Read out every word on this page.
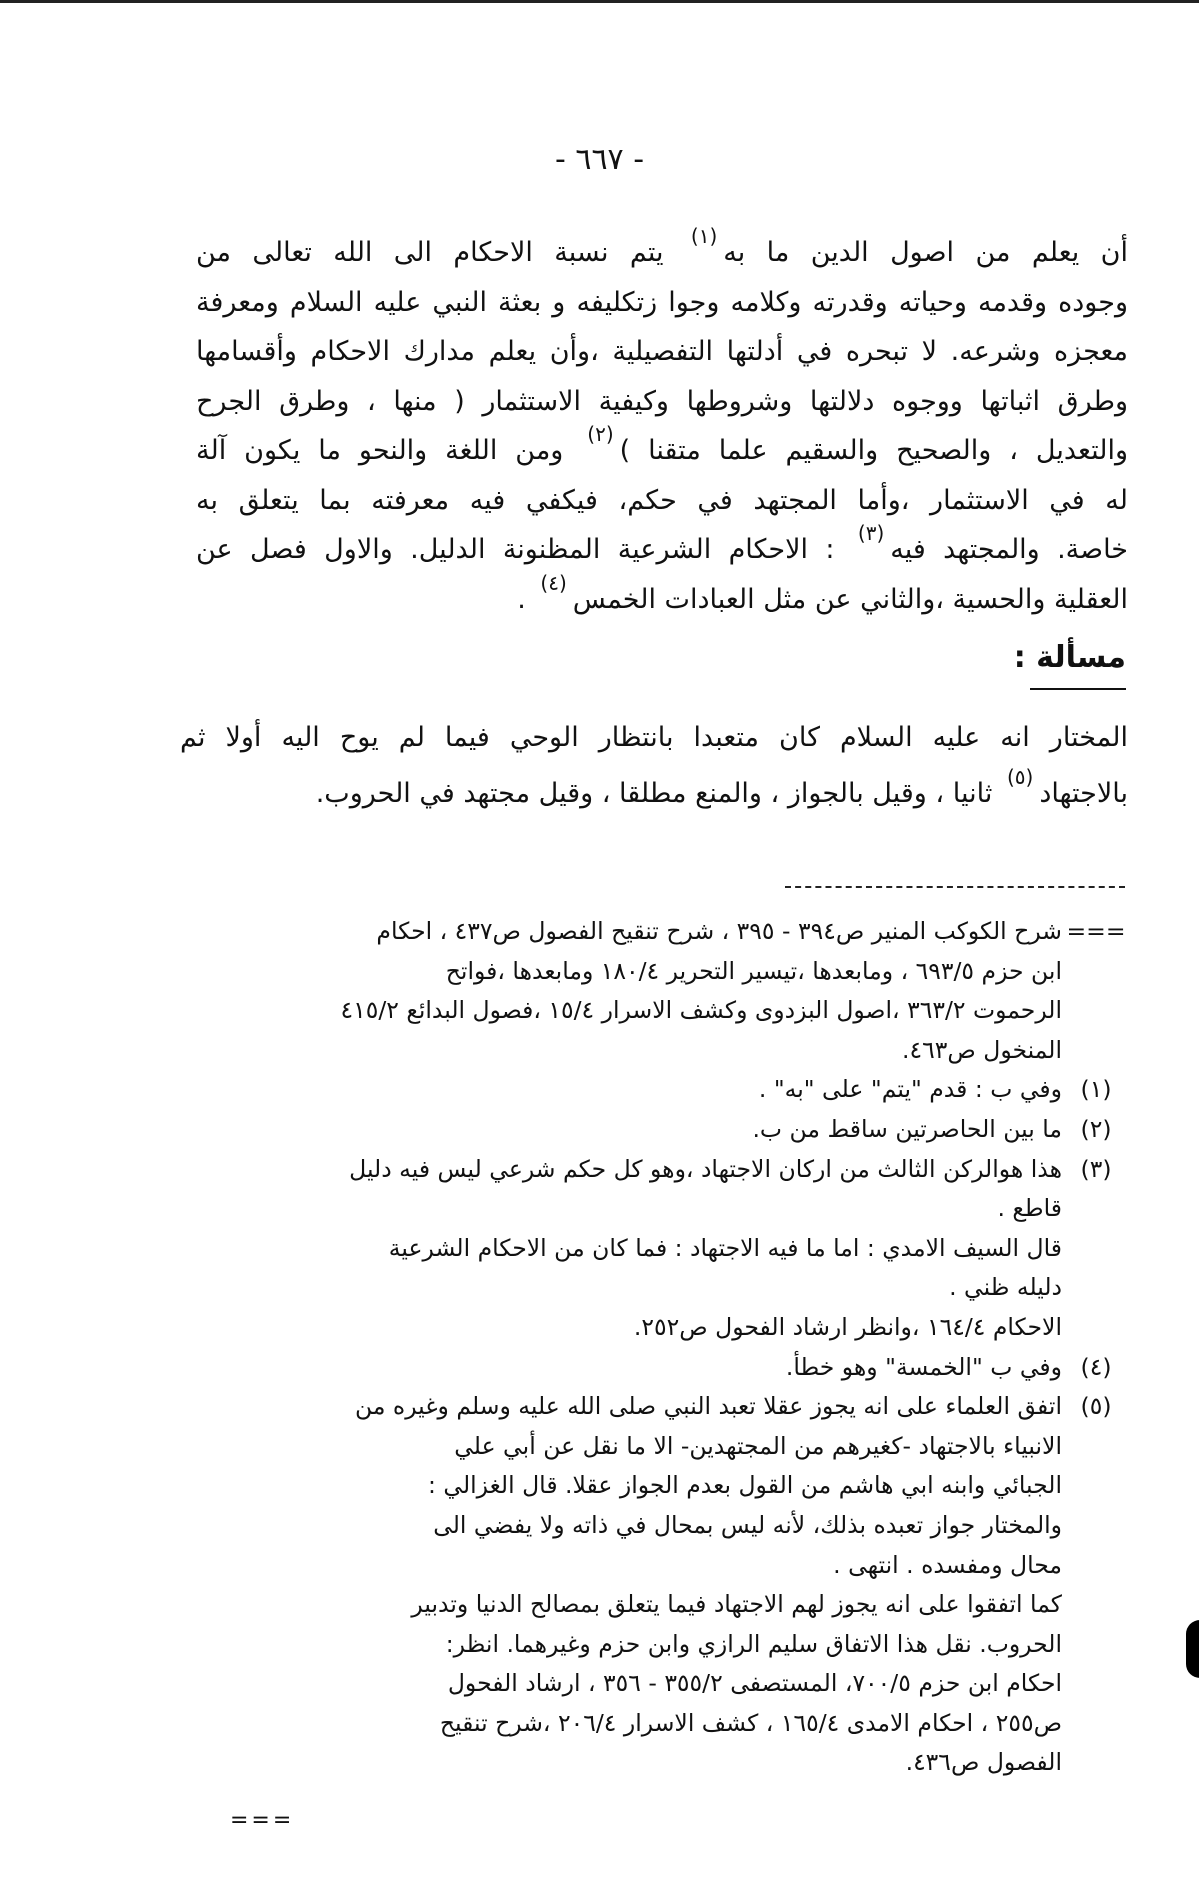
- ٦٦٧ -

أن يعلم من اصول الدين ما به$^{(١)}$ يتم نسبة الاحكام الى الله تعالى من

وجوده وقدمه وحياته وقدرته وكلامه وجوا زتكليفه و بعثة النبي عليه السلام ومعرفة

معجزه وشرعه. لا تبحره في أدلتها التفصيلية ،وأن يعلم مدارك الاحكام وأقسامها

وطرق اثباتها ووجوه دلالتها وشروطها وكيفية الاستثمار ( منها ، وطرق الجرح

والتعديل ، والصحيح والسقيم علما متقنا )$^{(٢)}$ ومن اللغة والنحو ما يكون آلة

له في الاستثمار ،وأما المجتهد في حكم، فيكفي فيه معرفته بما يتعلق به

خاصة. والمجتهد فيه$^{(٣)}$ : الاحكام الشرعية المظنونة الدليل. والاول فصل عن

العقلية والحسية ،والثاني عن مثل العبادات الخمس$^{(٤)}$ .

مسألة :

المختار انه عليه السلام كان متعبدا بانتظار الوحي فيما لم يوح اليه أولا ثم

بالاجتهاد$^{(٥)}$ ثانيا ، وقيل بالجواز ، والمنع مطلقا ، وقيل مجتهد في الحروب.

===

شرح الكوكب المنير ص٣٩٤ - ٣٩٥ ، شرح تنقيح الفصول ص٤٣٧ ، احكام

ابن حزم ٦٩٣/٥ ، ومابعدها ،تيسير التحرير ١٨٠/٤ ومابعدها ،فواتح

الرحموت ٣٦٣/٢ ،اصول البزدوى وكشف الاسرار ١٥/٤ ،فصول البدائع ٤١٥/٢

المنخول ص٤٦٣.

(١)

وفي ب : قدم "يتم" على "به" .

(٢)

ما بين الحاصرتين ساقط من ب.

(٣)

هذا هوالركن الثالث من اركان الاجتهاد ،وهو كل حكم شرعي ليس فيه دليل

قاطع .

قال السيف الامدي : اما ما فيه الاجتهاد : فما كان من الاحكام الشرعية

دليله ظني .

الاحكام ١٦٤/٤ ،وانظر ارشاد الفحول ص٢٥٢.

(٤)

وفي ب "الخمسة" وهو خطأ.

(٥)

اتفق العلماء على انه يجوز عقلا تعبد النبي صلى الله عليه وسلم وغيره من

الانبياء بالاجتهاد -كغيرهم من المجتهدين- الا ما نقل عن أبي علي

الجبائي وابنه ابي هاشم من القول بعدم الجواز عقلا. قال الغزالي :

والمختار جواز تعبده بذلك، لأنه ليس بمحال في ذاته ولا يفضي الى

محال ومفسده . انتهى .

كما اتفقوا على انه يجوز لهم الاجتهاد فيما يتعلق بمصالح الدنيا وتدبير

الحروب. نقل هذا الاتفاق سليم الرازي وابن حزم وغيرهما. انظر:

احكام ابن حزم ٧٠٠/٥، المستصفى ٣٥٥/٢ - ٣٥٦ ، ارشاد الفحول

ص٢٥٥ ، احكام الامدى ١٦٥/٤ ، كشف الاسرار ٢٠٦/٤ ،شرح تنقيح

الفصول ص٤٣٦.

===
